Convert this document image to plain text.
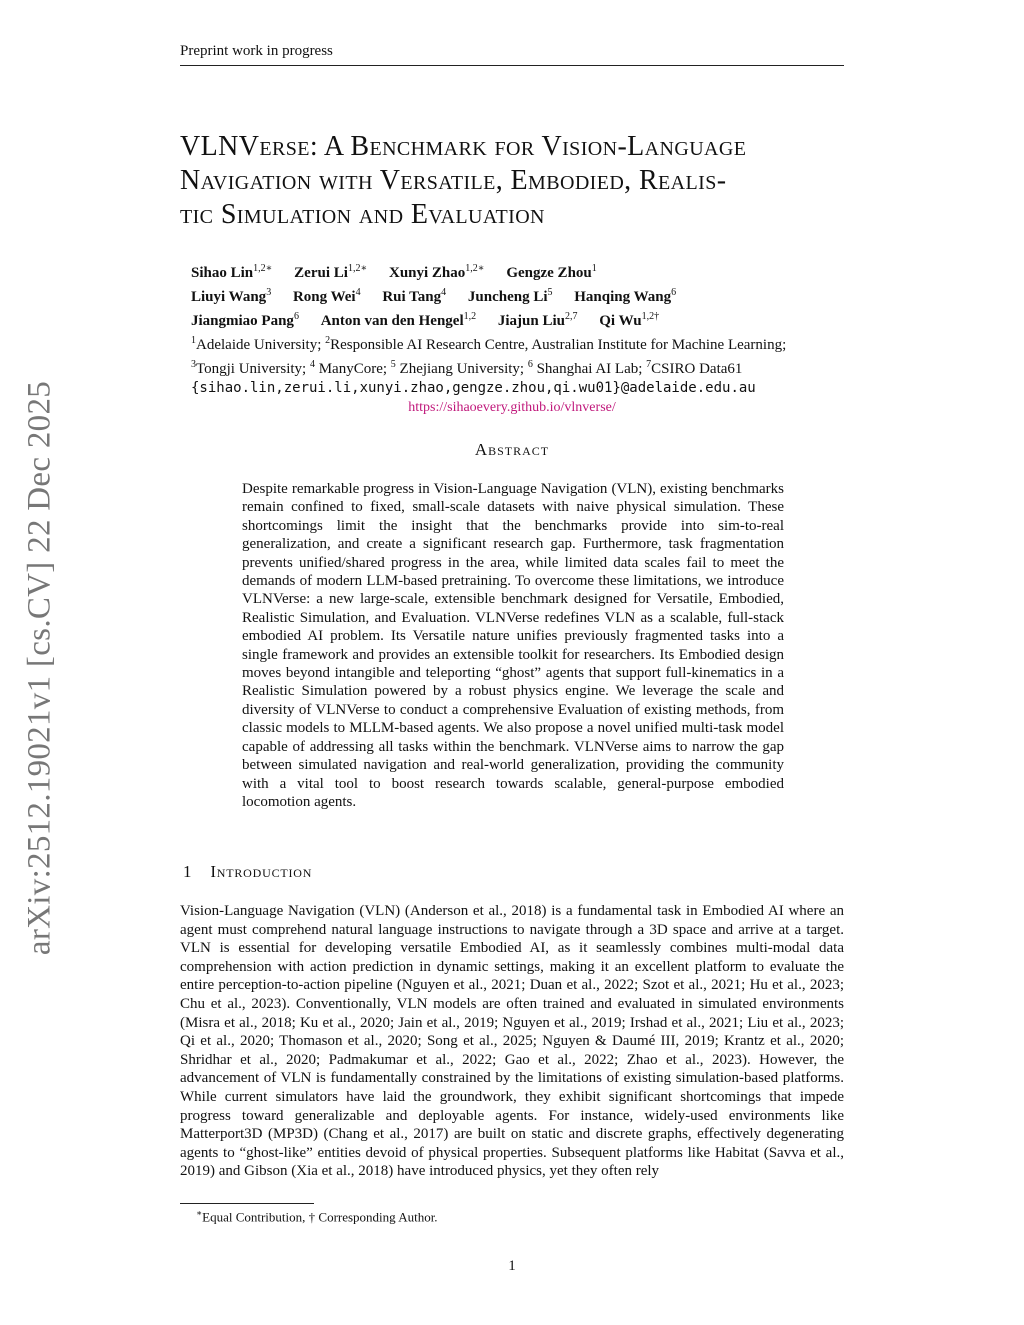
Preprint work in progress
arXiv:2512.19021v1 [cs.CV] 22 Dec 2025
VLNVerse: A Benchmark for Vision-Language
Navigation with Versatile, Embodied, Realis-
tic Simulation and Evaluation
Sihao Lin$^{1,2∗}$ Zerui $Li^{1,2∗}$ Xunyi Zhao$^{1,2∗}$ Gengze Zhou$^1$
Liuyi Wang$^3$ Rong Wei$^4$ Rui Tang$^4$ Juncheng Li$^5$ Hanqing Wang$^6$
Jiangmiao Pang$^6$ Anton van den Hengel$^{1,2}$ Jiajun Liu$^{2,7}$ Qi $Wu^{1,2\dagger}$
$^1$Adelaide University; $^2$Responsible AI Research Centre, Australian Institute for Machine Learning;
$^3$Tongji University; $^4$ ManyCore; $^5$ Zhejiang University; $^6$ Shanghai AI Lab; $^7$CSIRO Data61
{sihao.lin,zerui.li,xunyi.zhao,gengze.zhou,qi.wu01}@adelaide.edu.au
https://sihaoevery.github.io/vlnverse/
Abstract

Despite remarkable progress in Vision-Language Navigation (VLN), existing benchmarks remain confined to fixed, small-scale datasets with naive physical simulation. These shortcomings limit the insight that the benchmarks provide into sim-to-real generalization, and create a significant research gap. Furthermore, task fragmentation prevents unified/shared progress in the area, while limited data scales fail to meet the demands of modern LLM-based pretraining. To overcome these limitations, we introduce VLNVerse: a new large-scale, extensible benchmark designed for Versatile, Embodied, Realistic Simulation, and Evaluation. VLNVerse redefines VLN as a scalable, full-stack embodied AI problem. Its Versatile nature unifies previously fragmented tasks into a single framework and provides an extensible toolkit for researchers. Its Embodied design moves beyond intangible and teleporting “ghost” agents that support full-kinematics in a Realistic Simulation powered by a robust physics engine. We leverage the scale and diversity of VLNVerse to conduct a comprehensive Evaluation of existing methods, from classic models to MLLM-based agents. We also propose a novel unified multi-task model capable of addressing all tasks within the benchmark. VLNVerse aims to narrow the gap between simulated navigation and real-world generalization, providing the community with a vital tool to boost research towards scalable, general-purpose embodied locomotion agents.

1 Introduction

Vision-Language Navigation (VLN) (Anderson et al., 2018) is a fundamental task in Embodied AI where an agent must comprehend natural language instructions to navigate through a 3D space and arrive at a target. VLN is essential for developing versatile Embodied AI, as it seamlessly combines multi-modal data comprehension with action prediction in dynamic settings, making it an excellent platform to evaluate the entire perception-to-action pipeline (Nguyen et al., 2021; Duan et al., 2022; Szot et al., 2021; Hu et al., 2023; Chu et al., 2023). Conventionally, VLN models are often trained and evaluated in simulated environments (Misra et al., 2018; Ku et al., 2020; Jain et al., 2019; Nguyen et al., 2019; Irshad et al., 2021; Liu et al., 2023; Qi et al., 2020; Thomason et al., 2020; Song et al., 2025; Nguyen & Daumé III, 2019; Krantz et al., 2020; Shridhar et al., 2020; Padmakumar et al., 2022; Gao et al., 2022; Zhao et al., 2023). However, the advancement of VLN is fundamentally constrained by the limitations of existing simulation-based platforms. While current simulators have laid the groundwork, they exhibit significant shortcomings that impede progress toward generalizable and deployable agents. For instance, widely-used environments like Matterport3D (MP3D) (Chang et al., 2017) are built on static and discrete graphs, effectively degenerating agents to “ghost-like” entities devoid of physical properties. Subsequent platforms like Habitat (Savva et al., 2019) and Gibson (Xia et al., 2018) have introduced physics, yet they often rely

∗Equal Contribution, † Corresponding Author.
1
